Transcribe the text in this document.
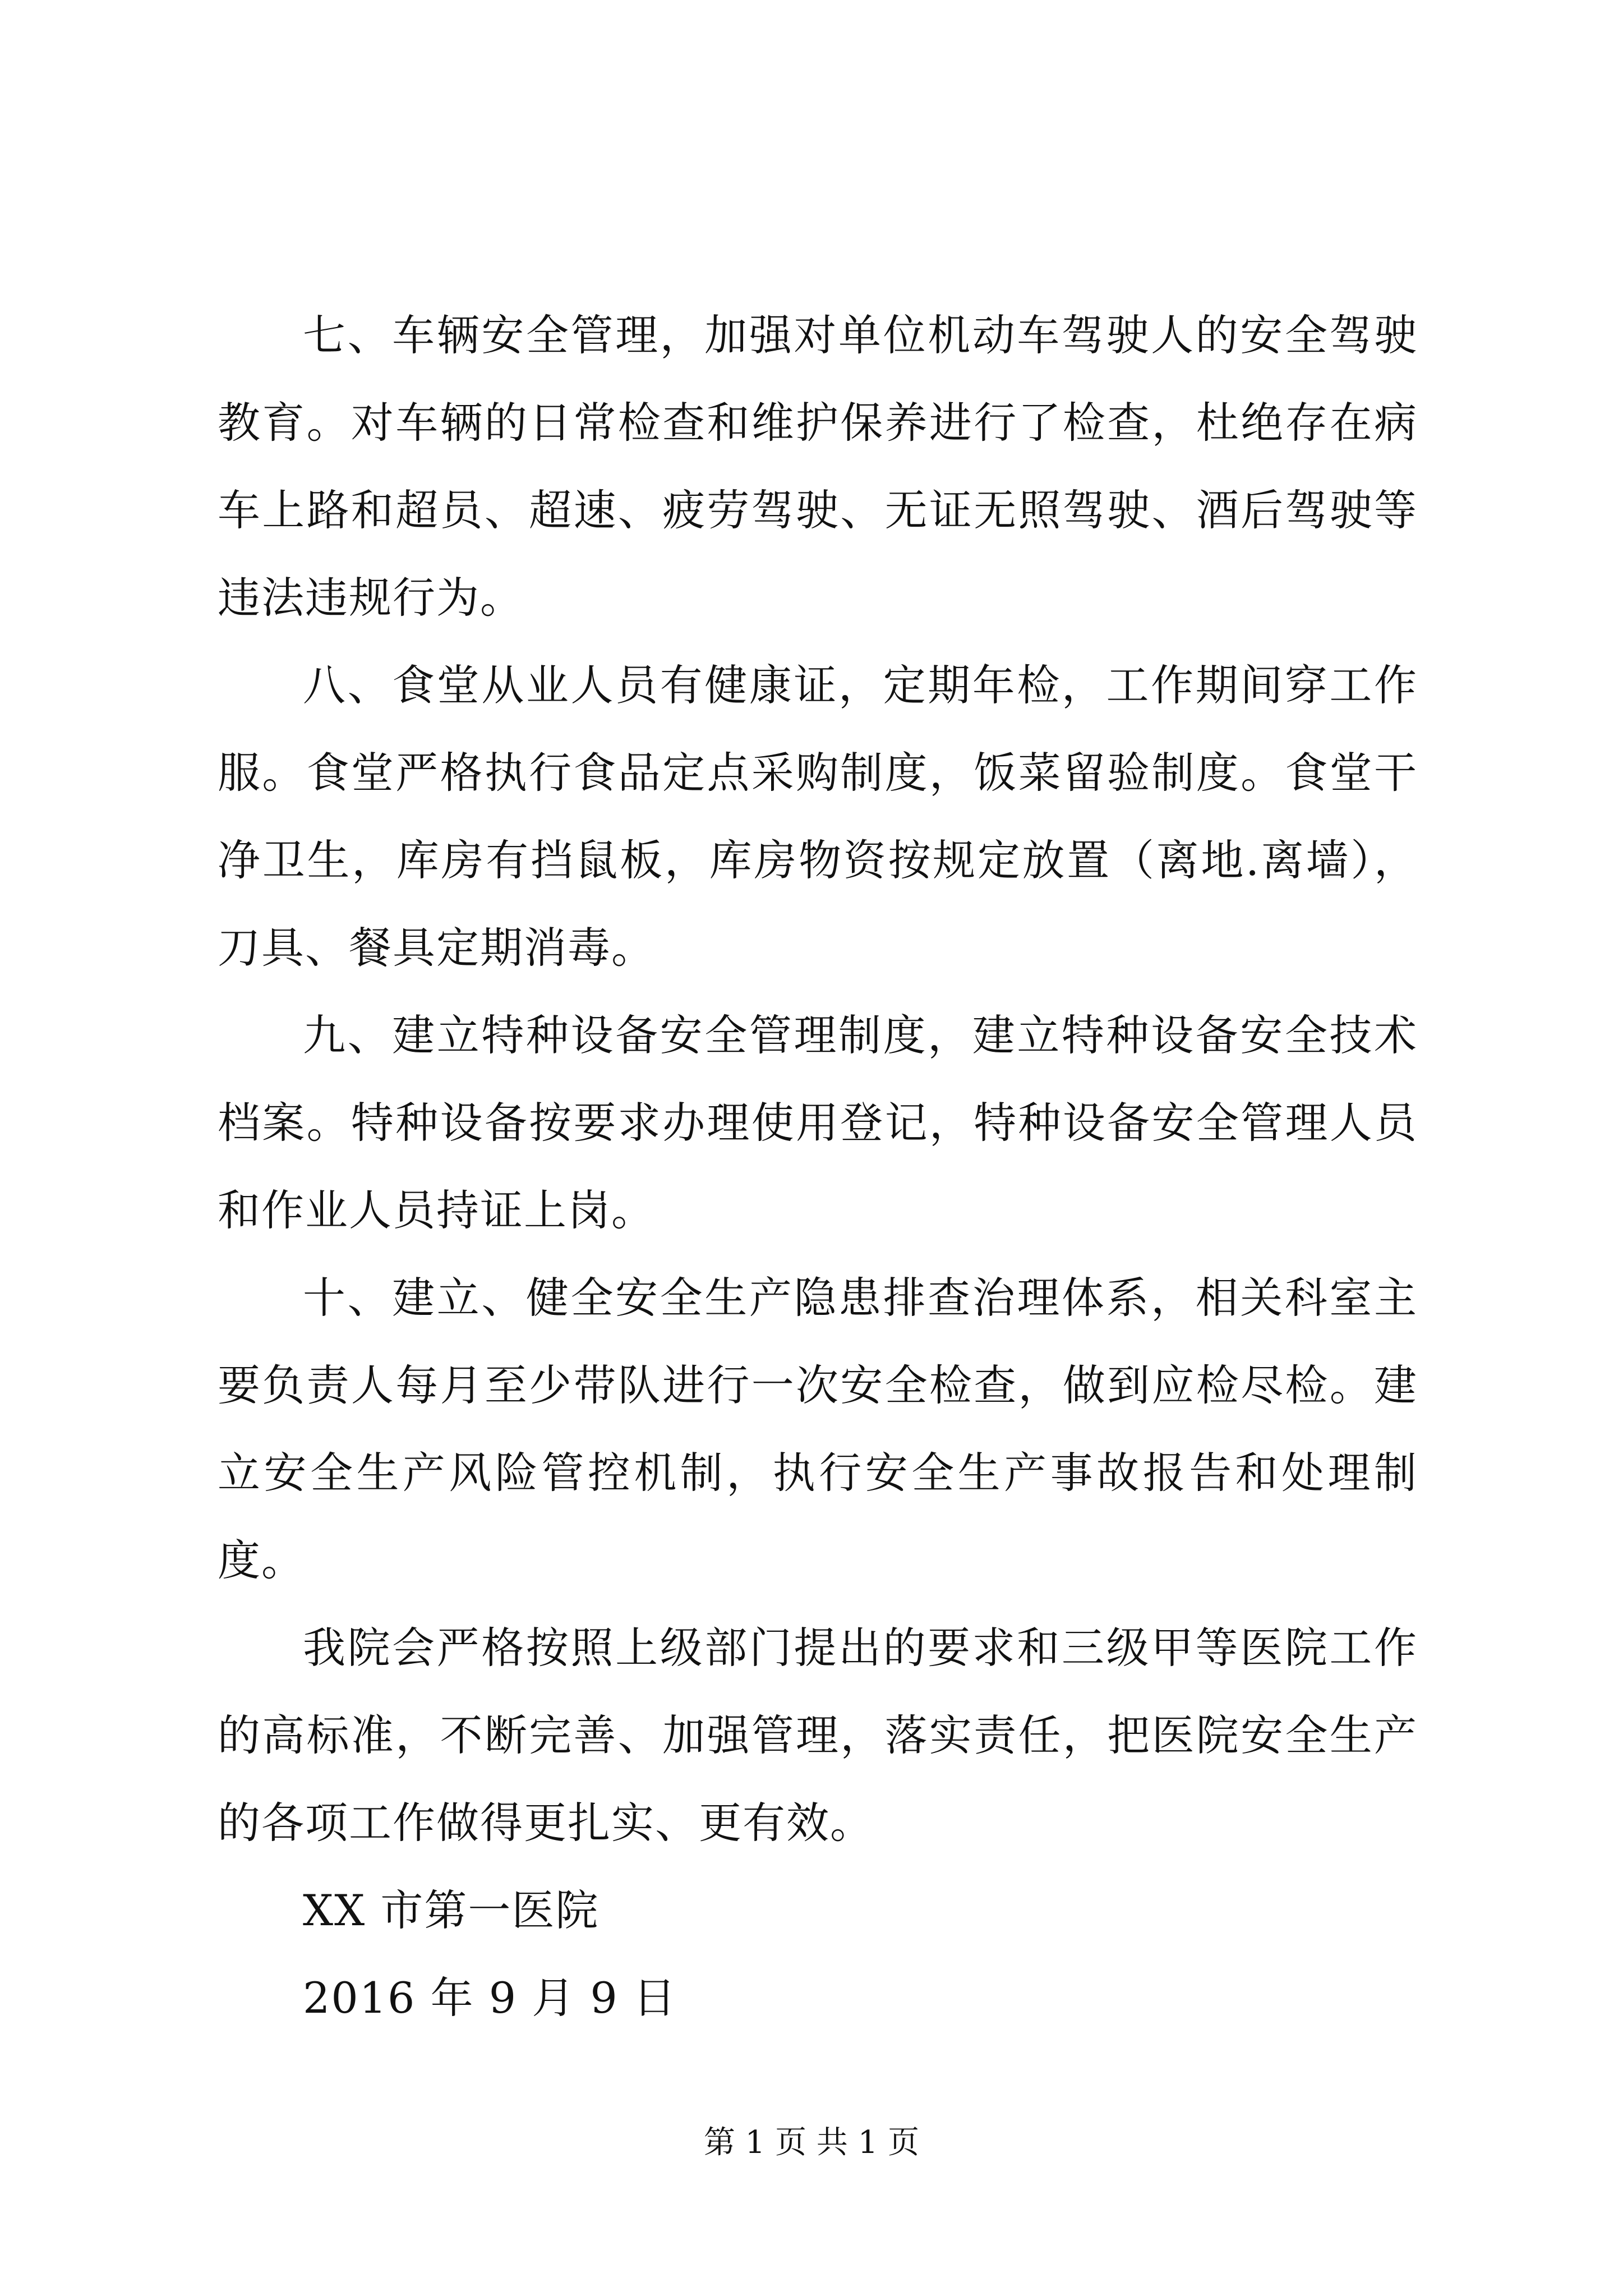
七、车辆安全管理，加强对单位机动车驾驶人的安全驾驶教育。对车辆的日常检查和维护保养进行了检查，杜绝存在病车上路和超员、超速、疲劳驾驶、无证无照驾驶、酒后驾驶等违法违规行为。

八、食堂从业人员有健康证，定期年检，工作期间穿工作服。食堂严格执行食品定点采购制度，饭菜留验制度。食堂干净卫生，库房有挡鼠板，库房物资按规定放置（离地.离墙），刀具、餐具定期消毒。

九、建立特种设备安全管理制度，建立特种设备安全技术档案。特种设备按要求办理使用登记，特种设备安全管理人员和作业人员持证上岗。

十、建立、健全安全生产隐患排查治理体系，相关科室主要负责人每月至少带队进行一次安全检查，做到应检尽检。建立安全生产风险管控机制，执行安全生产事故报告和处理制度。

我院会严格按照上级部门提出的要求和三级甲等医院工作的高标准，不断完善、加强管理，落实责任，把医院安全生产的各项工作做得更扎实、更有效。

XX 市第一医院

2016 年 9 月 9 日

第 1 页 共 1 页
